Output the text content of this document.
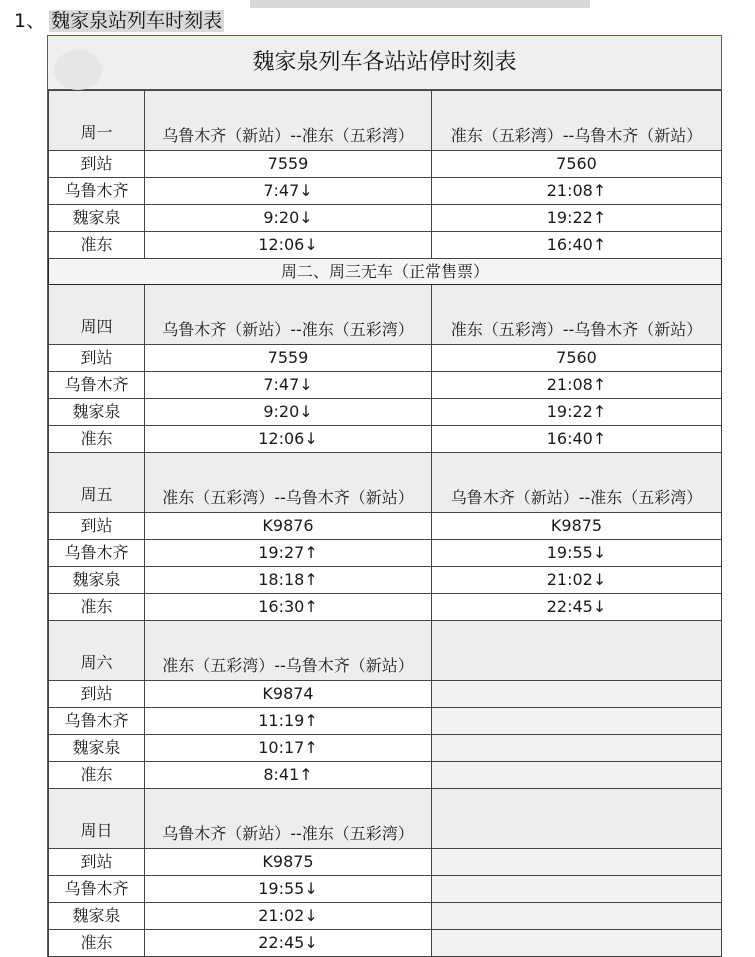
1、 魏家泉站列车时刻表
魏家泉列车各站站停时刻表
周一	乌鲁木齐（新站）--准东（五彩湾）	准东（五彩湾）--乌鲁木齐（新站）
到站	7559	7560
乌鲁木齐	7:47↓	21:08↑
魏家泉	9:20↓	19:22↑
准东	12:06↓	16:40↑
周二、周三无车（正常售票）		
周四	乌鲁木齐（新站）--准东（五彩湾）	准东（五彩湾）--乌鲁木齐（新站）
到站	7559	7560
乌鲁木齐	7:47↓	21:08↑
魏家泉	9:20↓	19:22↑
准东	12:06↓	16:40↑
周五	准东（五彩湾）--乌鲁木齐（新站）	乌鲁木齐（新站）--准东（五彩湾）
到站	K9876	K9875
乌鲁木齐	19:27↑	19:55↓
魏家泉	18:18↑	21:02↓
准东	16:30↑	22:45↓
周六	准东（五彩湾）--乌鲁木齐（新站）	
到站	K9874	
乌鲁木齐	11:19↑	
魏家泉	10:17↑	
准东	8:41↑	
周日	乌鲁木齐（新站）--准东（五彩湾）	
到站	K9875	
乌鲁木齐	19:55↓	
魏家泉	21:02↓	
准东	22:45↓	
